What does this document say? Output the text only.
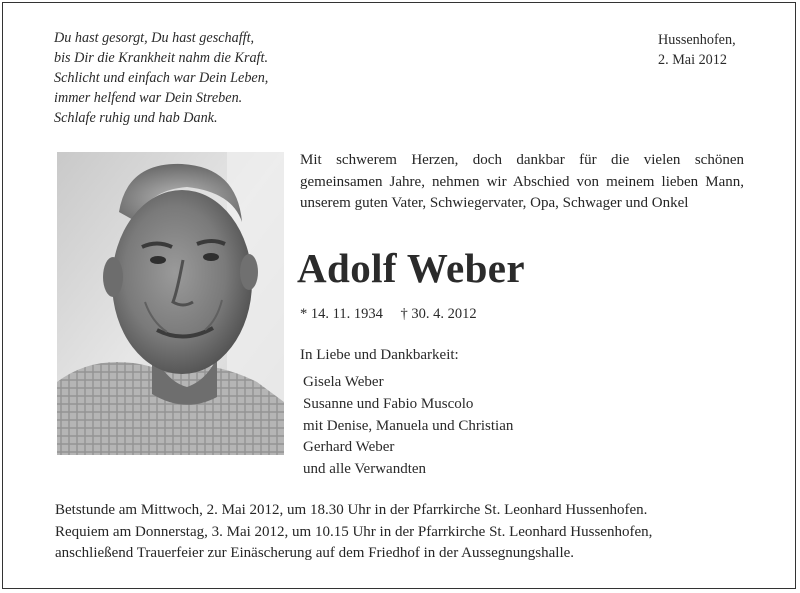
Du hast gesorgt, Du hast geschafft,
bis Dir die Krankheit nahm die Kraft.
Schlicht und einfach war Dein Leben,
immer helfend war Dein Streben.
Schlafe ruhig und hab Dank.
Hussenhofen,
2. Mai 2012
Mit schwerem Herzen, doch dankbar für die vielen schönen gemeinsamen Jahre, nehmen wir Abschied von meinem lieben Mann, unserem guten Vater, Schwiegervater, Opa, Schwager und Onkel
Adolf Weber
* 14. 11. 1934 † 30. 4. 2012
In Liebe und Dankbarkeit:
Gisela Weber
Susanne und Fabio Muscolo
mit Denise, Manuela und Christian
Gerhard Weber
und alle Verwandten
Betstunde am Mittwoch, 2. Mai 2012, um 18.30 Uhr in der Pfarrkirche St. Leonhard Hussenhofen.
Requiem am Donnerstag, 3. Mai 2012, um 10.15 Uhr in der Pfarrkirche St. Leonhard Hussenhofen,
anschließend Trauerfeier zur Einäscherung auf dem Friedhof in der Aussegnungshalle.
